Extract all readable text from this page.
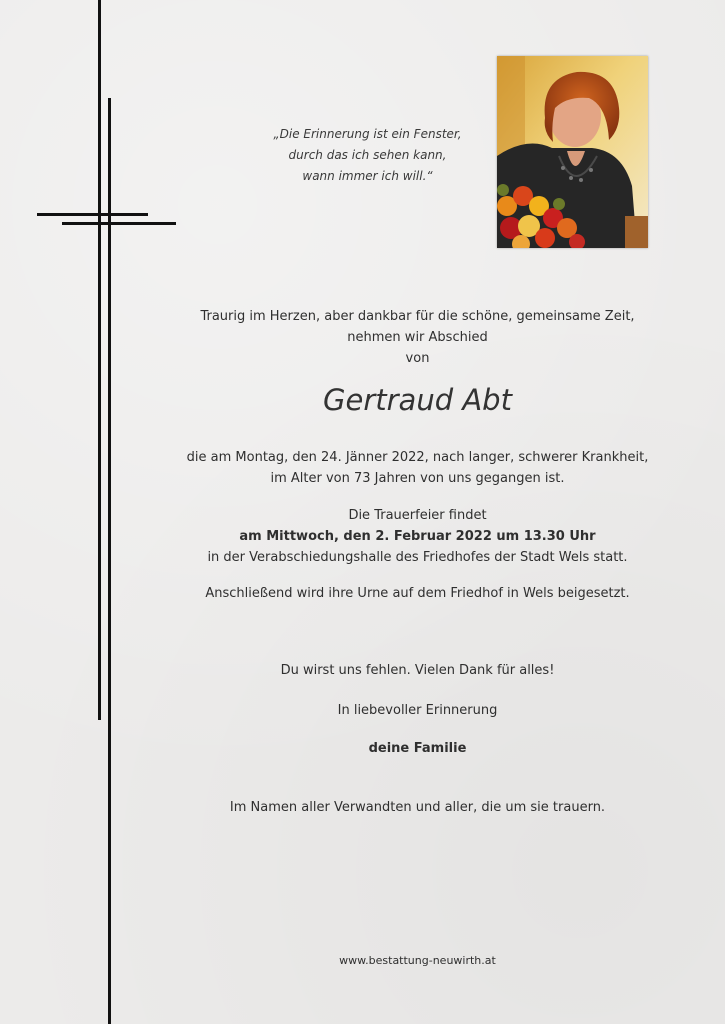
„Die Erinnerung ist ein Fenster,
durch das ich sehen kann,
wann immer ich will.“
Traurig im Herzen, aber dankbar für die schöne, gemeinsame Zeit,
nehmen wir Abschied
von
Gertraud Abt
die am Montag, den 24. Jänner 2022, nach langer, schwerer Krankheit,
im Alter von 73 Jahren von uns gegangen ist.
Die Trauerfeier findet
am Mittwoch, den 2. Februar 2022 um 13.30 Uhr
in der Verabschiedungshalle des Friedhofes der Stadt Wels statt.
Anschließend wird ihre Urne auf dem Friedhof in Wels beigesetzt.
Du wirst uns fehlen. Vielen Dank für alles!
In liebevoller Erinnerung
deine Familie
Im Namen aller Verwandten und aller, die um sie trauern.
www.bestattung-neuwirth.at
